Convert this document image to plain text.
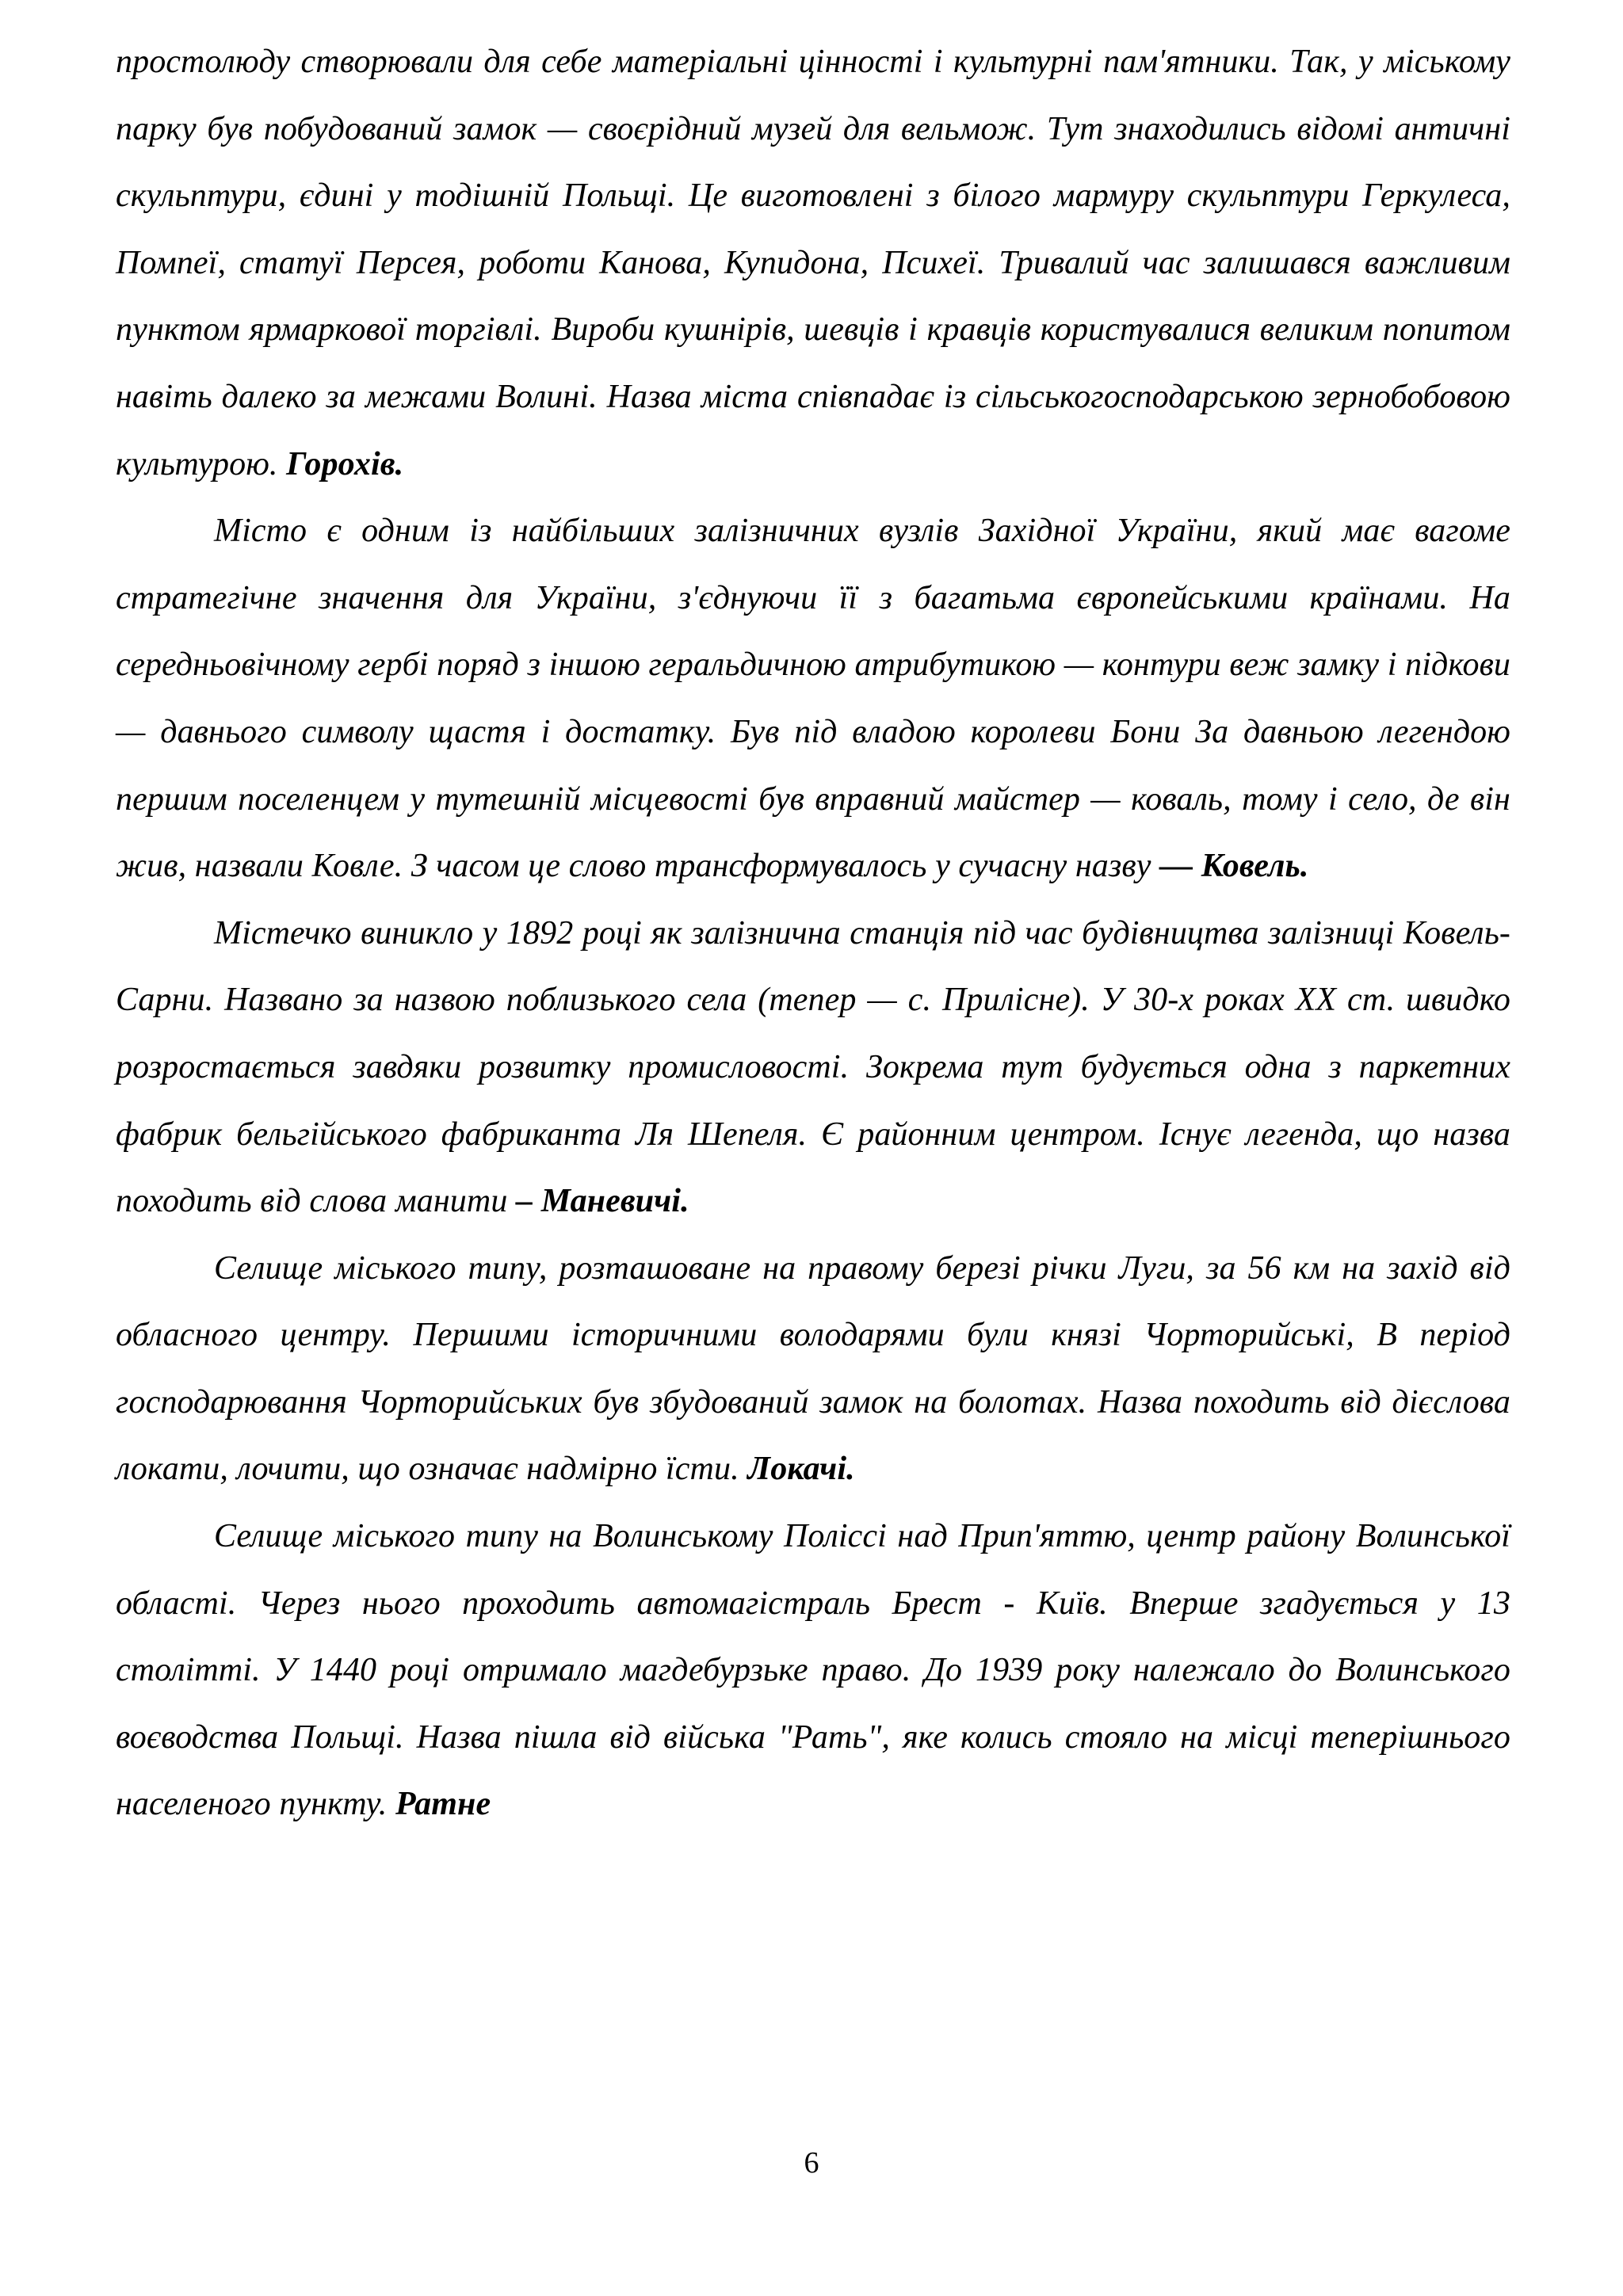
простолюду створювали для себе матеріальні цінності і культурні пам'ятники. Так, у міському парку був побудований замок — своєрідний музей для вельмож. Тут знаходились відомі античні скульптури, єдині у тодішній Польщі. Це виготовлені з білого мармуру скульптури Геркулеса, Помпеї, статуї Персея, роботи Канова, Купидона, Психеї. Тривалий час залишався важливим пунктом ярмаркової торгівлі. Вироби кушнірів, шевців і кравців користувалися великим попитом навіть далеко за межами Волині. Назва міста співпадає із сільськогосподарською зернобобовою культурою. Горохів.

Місто є одним із найбільших залізничних вузлів Західної України, який має вагоме стратегічне значення для України, з'єднуючи її з багатьма європейськими країнами. На середньовічному гербі поряд з іншою геральдичною атрибутикою — контури веж замку і підкови — давнього символу щастя і достатку. Був під владою королеви Бони За давньою легендою першим поселенцем у тутешній місцевості був вправний майстер — коваль, тому і село, де він жив, назвали Ковле. З часом це слово трансформувалось у сучасну назву — Ковель.

Містечко виникло у 1892 році як залізнична станція під час будівництва залізниці Ковель-Сарни. Названо за назвою поблизького села (тепер — с. Прилісне). У 30-х роках XX ст. швидко розростається завдяки розвитку промисловості. Зокрема тут будується одна з паркетних фабрик бельгійського фабриканта Ля Шепеля. Є районним центром. Існує легенда, що назва походить від слова манити – Маневичі.

Селище міського типу, розташоване на правому березі річки Луги, за 56 км на захід від обласного центру. Першими історичними володарями були князі Чорторийські, В період господарювання Чорторийських був збудований замок на болотах. Назва походить від дієслова локати, лочити, що означає надмірно їсти. Локачі.

Селище міського типу на Волинському Поліссі над Прип'яттю, центр району Волинської області. Через нього проходить автомагістраль Брест - Київ. Вперше згадується у 13 столітті. У 1440 році отримало магдебурзьке право. До 1939 року належало до Волинського воєводства Польщі. Назва пішла від війська "Рать", яке колись стояло на місці теперішнього населеного пункту. Ратне

6
